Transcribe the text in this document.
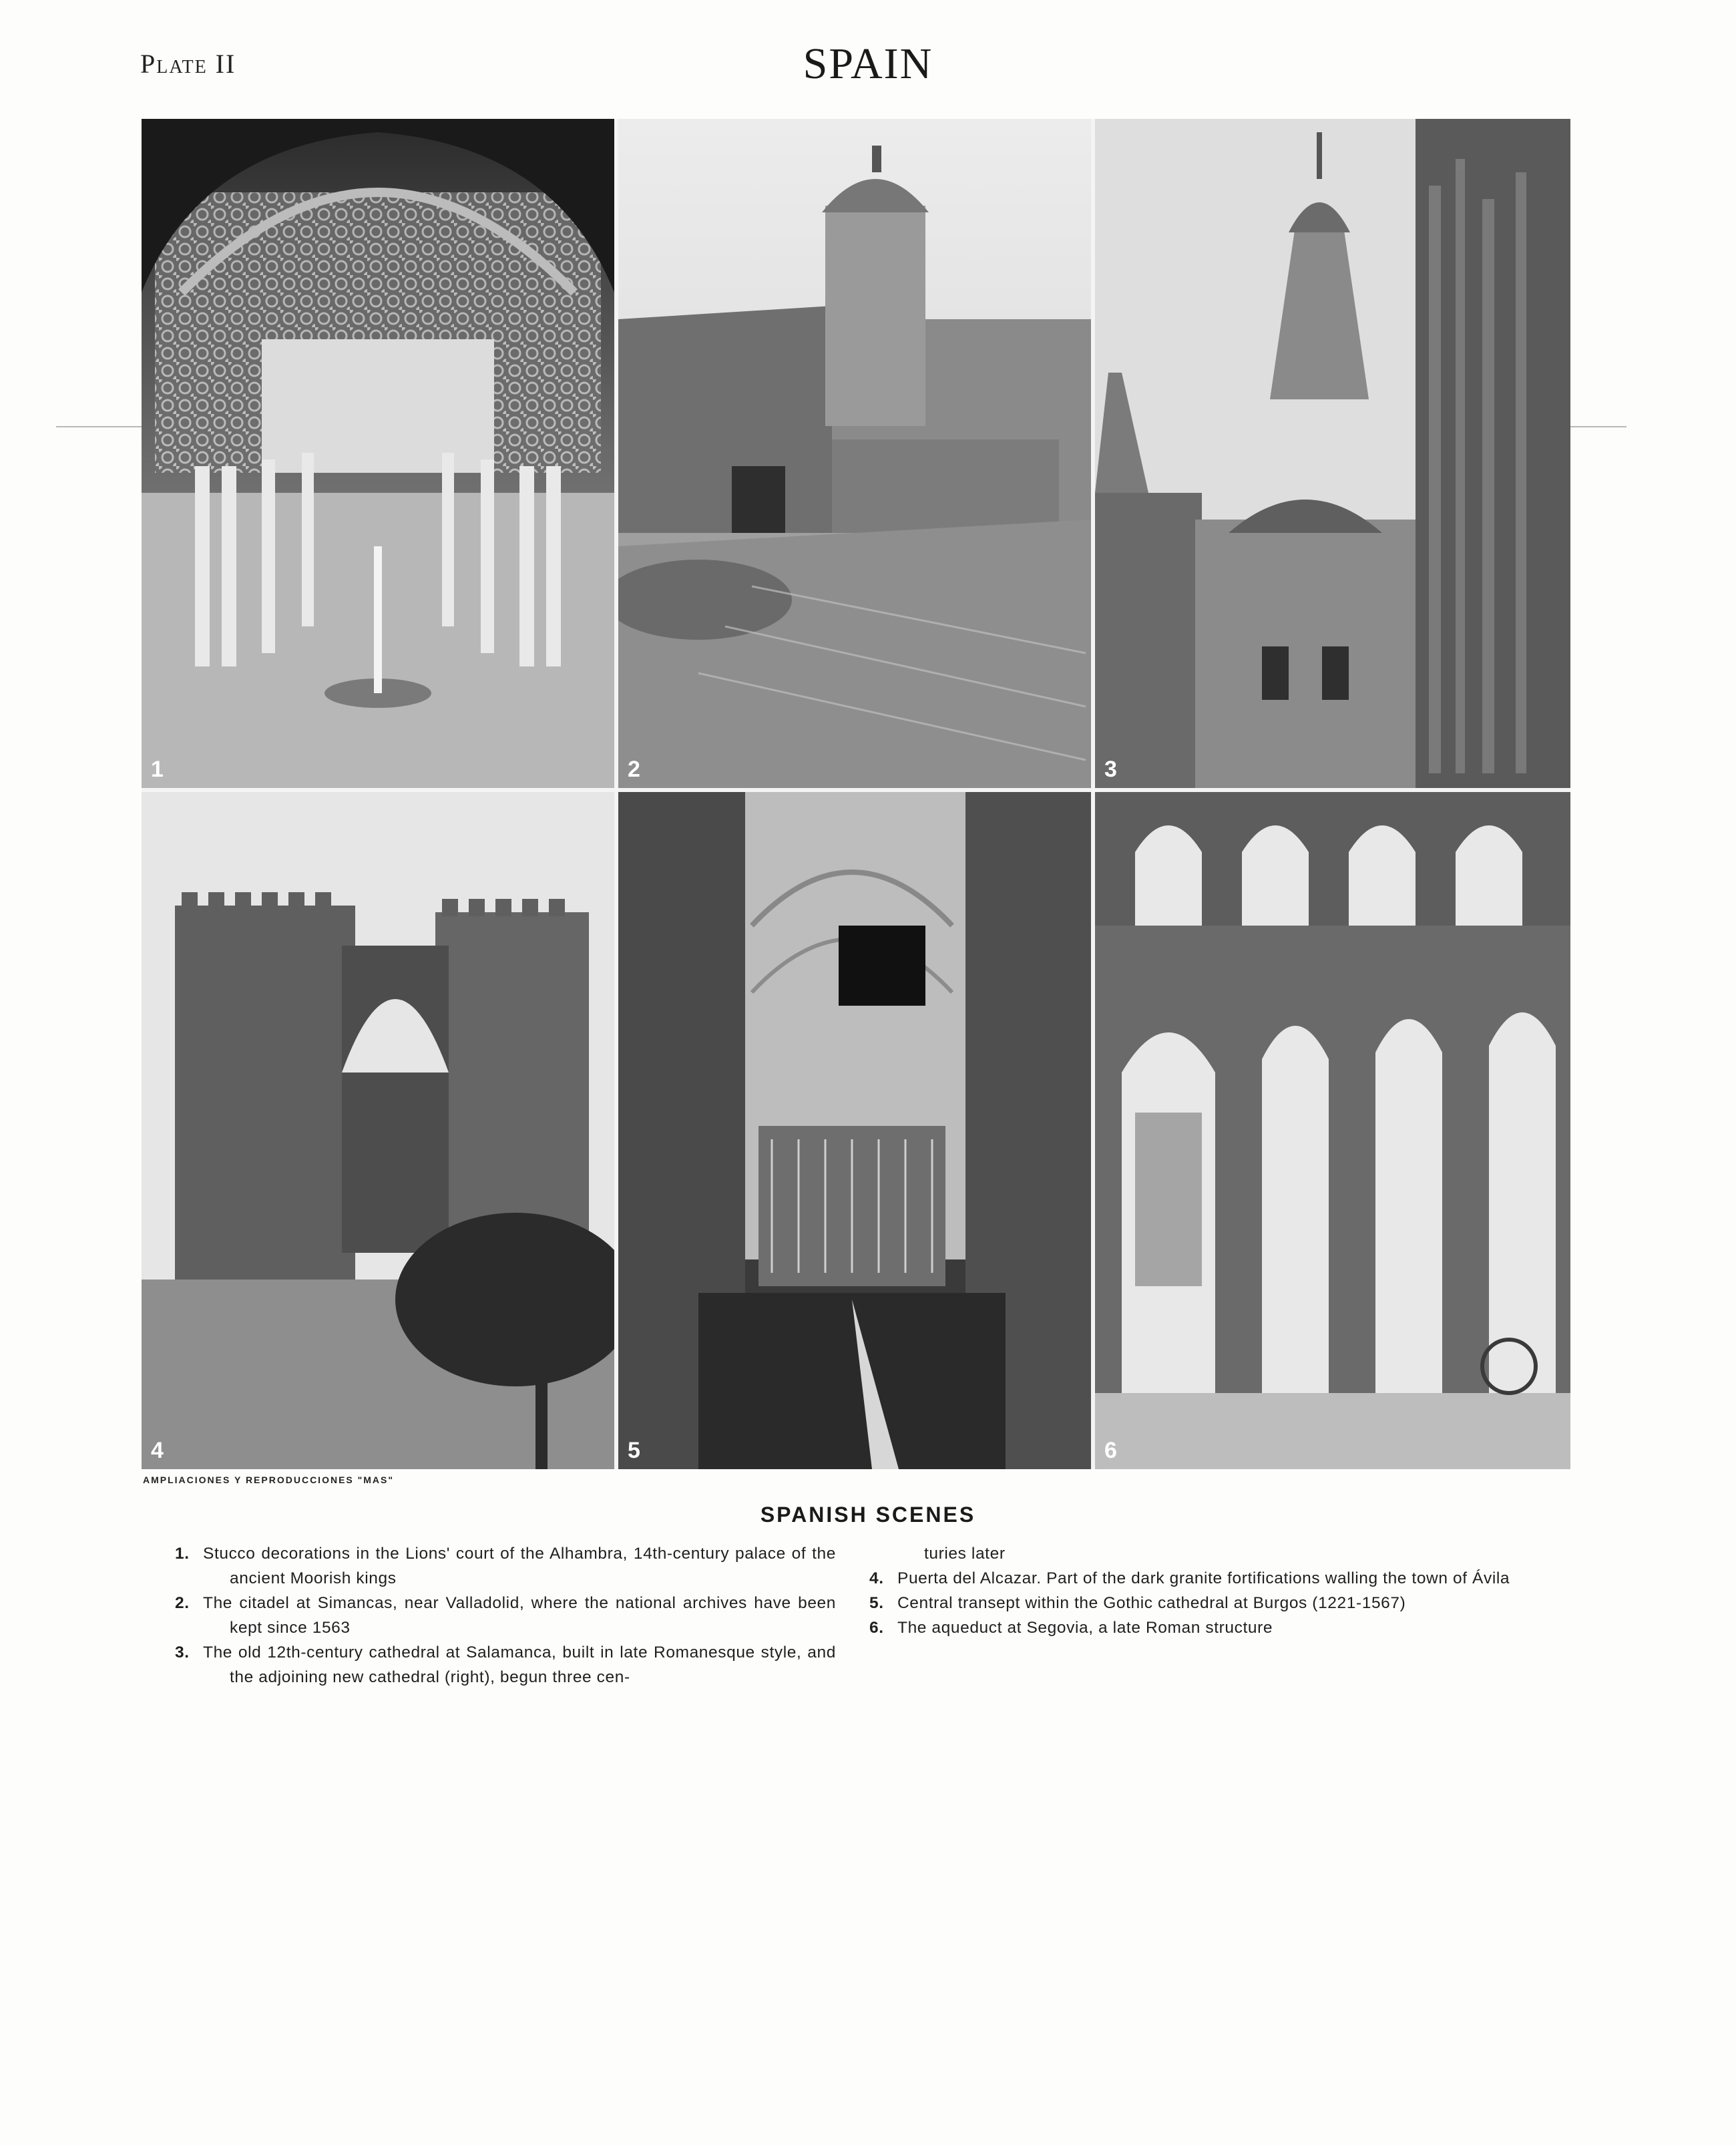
Plate II	SPAIN
1	2	3
4	5	6
AMPLIACIONES Y REPRODUCCIONES "MAS"
SPANISH SCENES
1. Stucco decorations in the Lions' court of the Alhambra, 14th-century palace of the ancient Moorish kings
2. The citadel at Simancas, near Valladolid, where the national archives have been kept since 1563
3. The old 12th-century cathedral at Salamanca, built in late Romanesque style, and the adjoining new cathedral (right), begun three cen-
turies later
4. Puerta del Alcazar. Part of the dark granite fortifications walling the town of Ávila
5. Central transept within the Gothic cathedral at Burgos (1221-1567)
6. The aqueduct at Segovia, a late Roman structure
